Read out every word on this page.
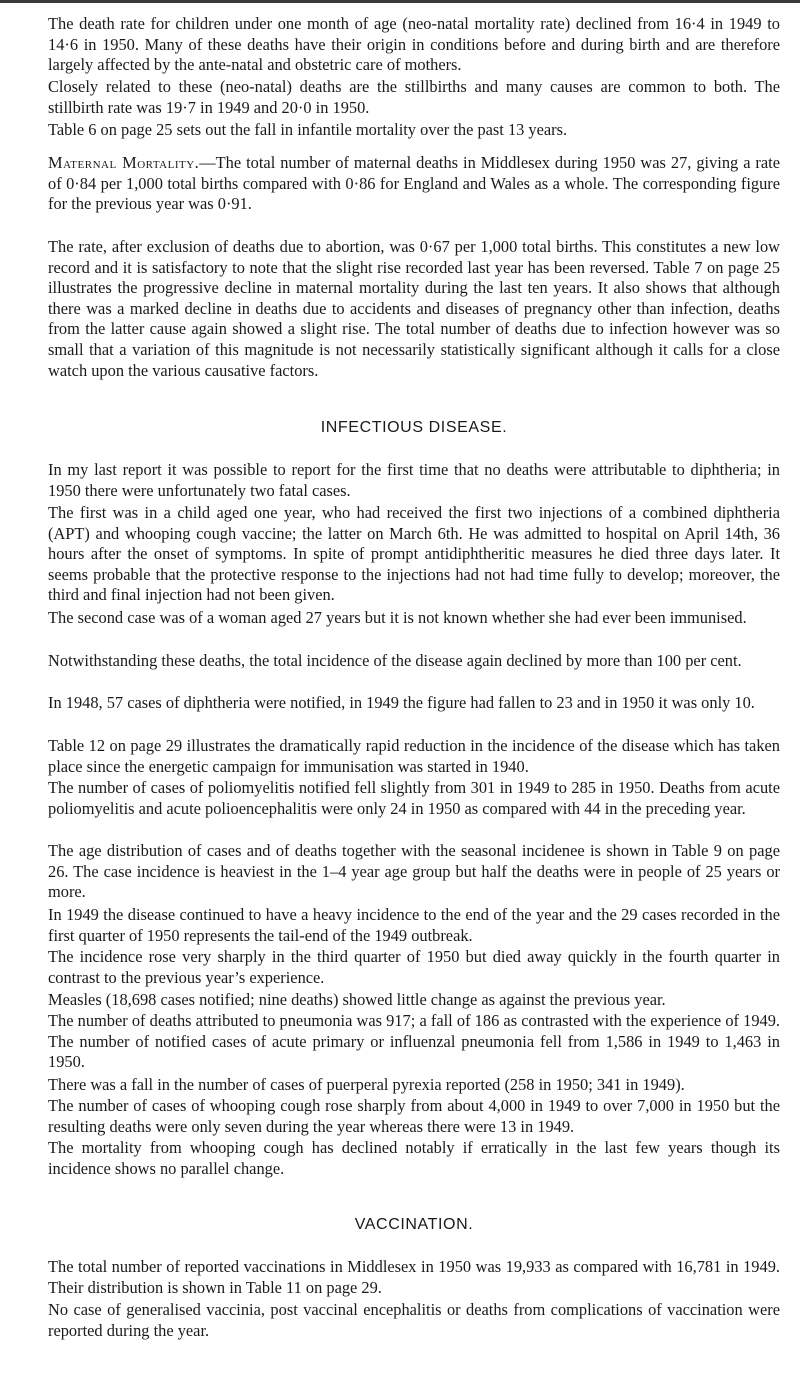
The death rate for children under one month of age (neo-natal mortality rate) declined from 16·4 in 1949 to 14·6 in 1950. Many of these deaths have their origin in conditions before and during birth and are therefore largely affected by the ante-natal and obstetric care of mothers.

Closely related to these (neo-natal) deaths are the stillbirths and many causes are common to both. The stillbirth rate was 19·7 in 1949 and 20·0 in 1950.

Table 6 on page 25 sets out the fall in infantile mortality over the past 13 years.

Maternal Mortality.—The total number of maternal deaths in Middlesex during 1950 was 27, giving a rate of 0·84 per 1,000 total births compared with 0·86 for England and Wales as a whole. The corresponding figure for the previous year was 0·91.

The rate, after exclusion of deaths due to abortion, was 0·67 per 1,000 total births. This constitutes a new low record and it is satisfactory to note that the slight rise recorded last year has been reversed. Table 7 on page 25 illustrates the progressive decline in maternal mortality during the last ten years. It also shows that although there was a marked decline in deaths due to accidents and diseases of pregnancy other than infection, deaths from the latter cause again showed a slight rise. The total number of deaths due to infection however was so small that a variation of this magnitude is not necessarily statistically significant although it calls for a close watch upon the various causative factors.

INFECTIOUS DISEASE.

In my last report it was possible to report for the first time that no deaths were attributable to diphtheria; in 1950 there were unfortunately two fatal cases.

The first was in a child aged one year, who had received the first two injections of a combined diphtheria (APT) and whooping cough vaccine; the latter on March 6th. He was admitted to hospital on April 14th, 36 hours after the onset of symptoms. In spite of prompt antidiphtheritic measures he died three days later. It seems probable that the protective response to the injections had not had time fully to develop; moreover, the third and final injection had not been given.

The second case was of a woman aged 27 years but it is not known whether she had ever been immunised.

Notwithstanding these deaths, the total incidence of the disease again declined by more than 100 per cent.

In 1948, 57 cases of diphtheria were notified, in 1949 the figure had fallen to 23 and in 1950 it was only 10.

Table 12 on page 29 illustrates the dramatically rapid reduction in the incidence of the disease which has taken place since the energetic campaign for immunisation was started in 1940.

The number of cases of poliomyelitis notified fell slightly from 301 in 1949 to 285 in 1950. Deaths from acute poliomyelitis and acute polioencephalitis were only 24 in 1950 as compared with 44 in the preceding year.

The age distribution of cases and of deaths together with the seasonal incidenee is shown in Table 9 on page 26. The case incidence is heaviest in the 1–4 year age group but half the deaths were in people of 25 years or more.

In 1949 the disease continued to have a heavy incidence to the end of the year and the 29 cases recorded in the first quarter of 1950 represents the tail-end of the 1949 outbreak.

The incidence rose very sharply in the third quarter of 1950 but died away quickly in the fourth quarter in contrast to the previous year’s experience.

Measles (18,698 cases notified; nine deaths) showed little change as against the previous year.

The number of deaths attributed to pneumonia was 917; a fall of 186 as contrasted with the experience of 1949. The number of notified cases of acute primary or influenzal pneumonia fell from 1,586 in 1949 to 1,463 in 1950.

There was a fall in the number of cases of puerperal pyrexia reported (258 in 1950; 341 in 1949).

The number of cases of whooping cough rose sharply from about 4,000 in 1949 to over 7,000 in 1950 but the resulting deaths were only seven during the year whereas there were 13 in 1949.

The mortality from whooping cough has declined notably if erratically in the last few years though its incidence shows no parallel change.

VACCINATION.

The total number of reported vaccinations in Middlesex in 1950 was 19,933 as compared with 16,781 in 1949. Their distribution is shown in Table 11 on page 29.

No case of generalised vaccinia, post vaccinal encephalitis or deaths from complications of vaccination were reported during the year.
